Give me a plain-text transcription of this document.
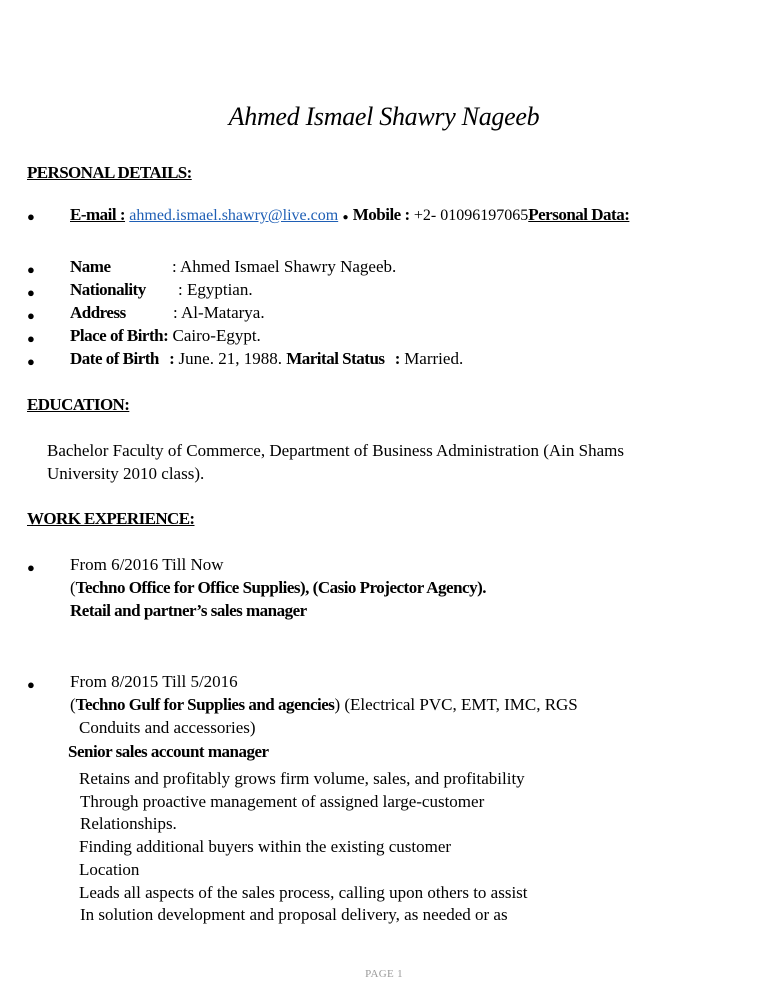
Ahmed Ismael Shawry Nageeb
PERSONAL DETAILS:
● E-mail : ahmed.ismael.shawry@live.com ● Mobile : +2- 01096197065Personal Data:
● Name	: Ahmed Ismael Shawry Nageeb.
● Nationality : Egyptian.
● Address	: Al-Matarya.
● Place of Birth: Cairo-Egypt.
● Date of Birth : June. 21, 1988. Marital Status : Married.
EDUCATION:
Bachelor Faculty of Commerce, Department of Business Administration (Ain Shams
University 2010 class).
WORK EXPERIENCE:
● From 6/2016 Till Now
(Techno Office for Office Supplies), (Casio Projector Agency).
Retail and partner’s sales manager
● From 8/2015 Till 5/2016
(Techno Gulf for Supplies and agencies) (Electrical PVC, EMT, IMC, RGS
Conduits and accessories)
Senior sales account manager
Retains and profitably grows firm volume, sales, and profitability
Through proactive management of assigned large-customer
Relationships.
Finding additional buyers within the existing customer
Location
Leads all aspects of the sales process, calling upon others to assist
In solution development and proposal delivery, as needed or as
PAGE 1
